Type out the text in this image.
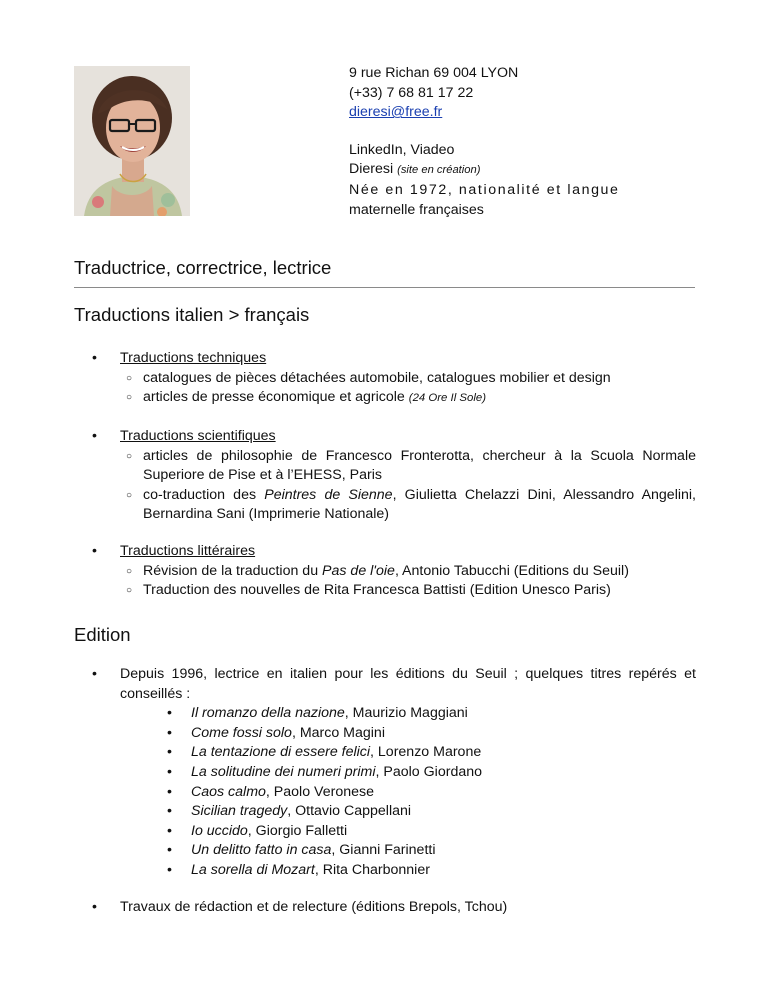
9 rue Richan 69 004 LYON
(+33) 7 68 81 17 22
dieresi@free.fr
LinkedIn, Viadeo
Dieresi (site en création)
Née en 1972, nationalité et langue
maternelle françaises
Traductrice, correctrice, lectrice
Traductions italien > français
• Traductions techniques
○ catalogues de pièces détachées automobile, catalogues mobilier et design
○ articles de presse économique et agricole (24 Ore Il Sole)
• Traductions scientifiques
○ articles de philosophie de Francesco Fronterotta, chercheur à la Scuola Normale Superiore de Pise et à l’EHESS, Paris
○ co-traduction des Peintres de Sienne, Giulietta Chelazzi Dini, Alessandro Angelini, Bernardina Sani (Imprimerie Nationale)
• Traductions littéraires
○ Révision de la traduction du Pas de l'oie, Antonio Tabucchi (Editions du Seuil)
○ Traduction des nouvelles de Rita Francesca Battisti (Edition Unesco Paris)
Edition
• Depuis 1996, lectrice en italien pour les éditions du Seuil ; quelques titres repérés et conseillés :
• Il romanzo della nazione, Maurizio Maggiani
• Come fossi solo, Marco Magini
• La tentazione di essere felici, Lorenzo Marone
• La solitudine dei numeri primi, Paolo Giordano
• Caos calmo, Paolo Veronese
• Sicilian tragedy, Ottavio Cappellani
• Io uccido, Giorgio Falletti
• Un delitto fatto in casa, Gianni Farinetti
• La sorella di Mozart, Rita Charbonnier
• Travaux de rédaction et de relecture (éditions Brepols, Tchou)
